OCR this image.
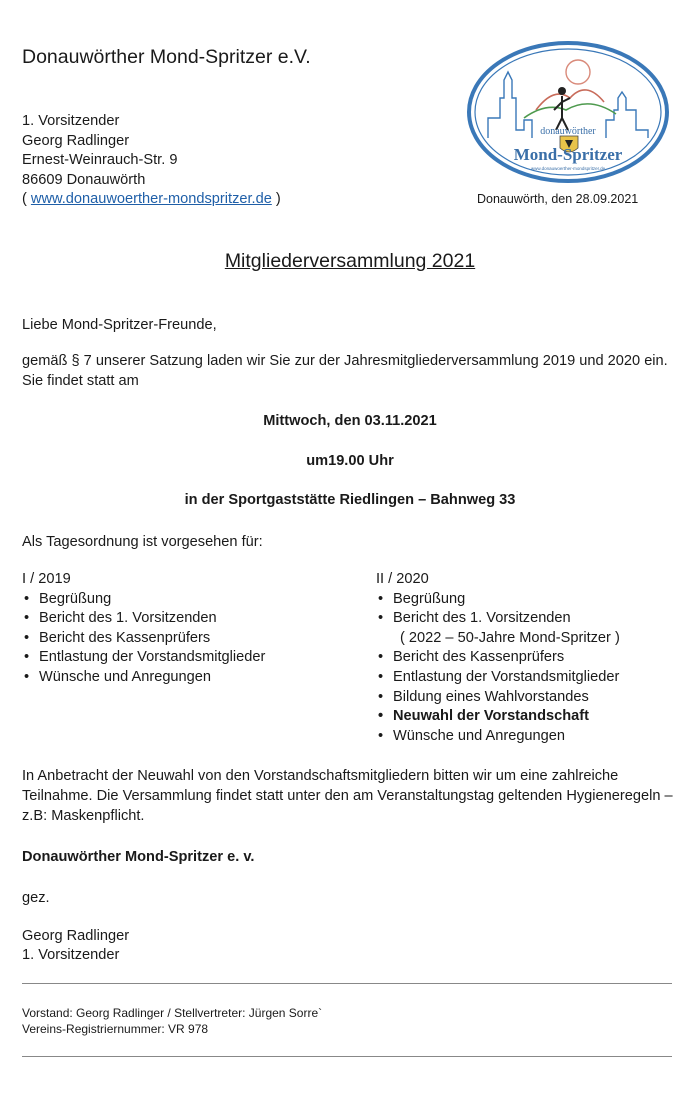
Donauwörther Mond-Spritzer e.V.
1. Vorsitzender
Georg Radlinger
Ernest-Weinrauch-Str. 9
86609 Donauwörth
( www.donauwoerther-mondspritzer.de )
donauwörther
Mond-Spritzer
www.donauwoerther-mondspritzer.de
Donauwörth, den 28.09.2021
Mitgliederversammlung 2021
Liebe Mond-Spritzer-Freunde,
gemäß § 7 unserer Satzung laden wir Sie zur der Jahresmitgliederversammlung 2019 und 2020 ein. Sie findet statt am
Mittwoch, den 03.11.2021
um19.00 Uhr
in der Sportgaststätte Riedlingen – Bahnweg 33
Als Tagesordnung ist vorgesehen für:
I / 2019
• Begrüßung
• Bericht des 1. Vorsitzenden
• Bericht des Kassenprüfers
• Entlastung der Vorstandsmitglieder
• Wünsche und Anregungen
II / 2020
• Begrüßung
• Bericht des 1. Vorsitzenden
( 2022 – 50-Jahre Mond-Spritzer )
• Bericht des Kassenprüfers
• Entlastung der Vorstandsmitglieder
• Bildung eines Wahlvorstandes
• Neuwahl der Vorstandschaft
• Wünsche und Anregungen
In Anbetracht der Neuwahl von den Vorstandschaftsmitgliedern bitten wir um eine zahlreiche Teilnahme. Die Versammlung findet statt unter den am Veranstaltungstag geltenden Hygieneregeln – z.B: Maskenpflicht.
Donauwörther Mond-Spritzer e. v.
gez.
Georg Radlinger
1. Vorsitzender
Vorstand: Georg Radlinger / Stellvertreter: Jürgen Sorre`
Vereins-Registriernummer: VR 978
